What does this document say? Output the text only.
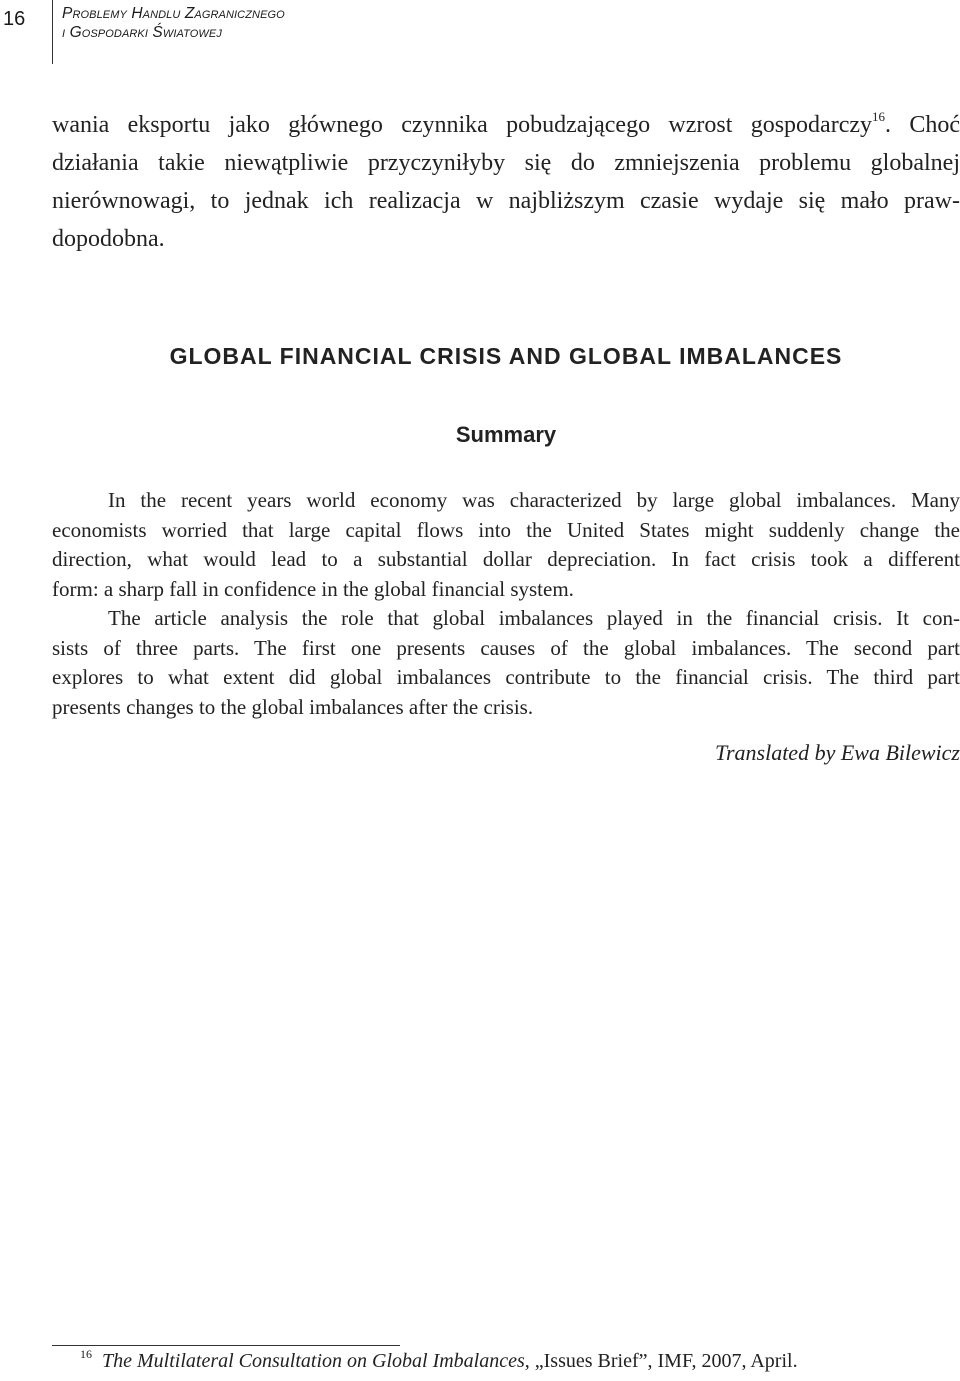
16 Problemy Handlu Zagranicznego
i Gospodarki Światowej
wania eksportu jako głównego czynnika pobudzającego wzrost gospodarczy$^{16}$. Choć
działania takie niewątpliwie przyczyniłyby się do zmniejszenia problemu globalnej
nierównowagi, to jednak ich realizacja w najbliższym czasie wydaje się mało praw-
dopodobna.
GLOBAL FINANCIAL CRISIS AND GLOBAL IMBALANCES
Summary
In the recent years world economy was characterized by large global imbalances. Many
economists worried that large capital flows into the United States might suddenly change the
direction, what would lead to a substantial dollar depreciation. In fact crisis took a different
form: a sharp fall in confidence in the global financial system.
The article analysis the role that global imbalances played in the financial crisis. It con-
sists of three parts. The first one presents causes of the global imbalances. The second part
explores to what extent did global imbalances contribute to the financial crisis. The third part
presents changes to the global imbalances after the crisis.

Translated by Ewa Bilewicz

$^{16}$ The Multilateral Consultation on Global Imbalances, „Issues Brief”, IMF, 2007, April.
